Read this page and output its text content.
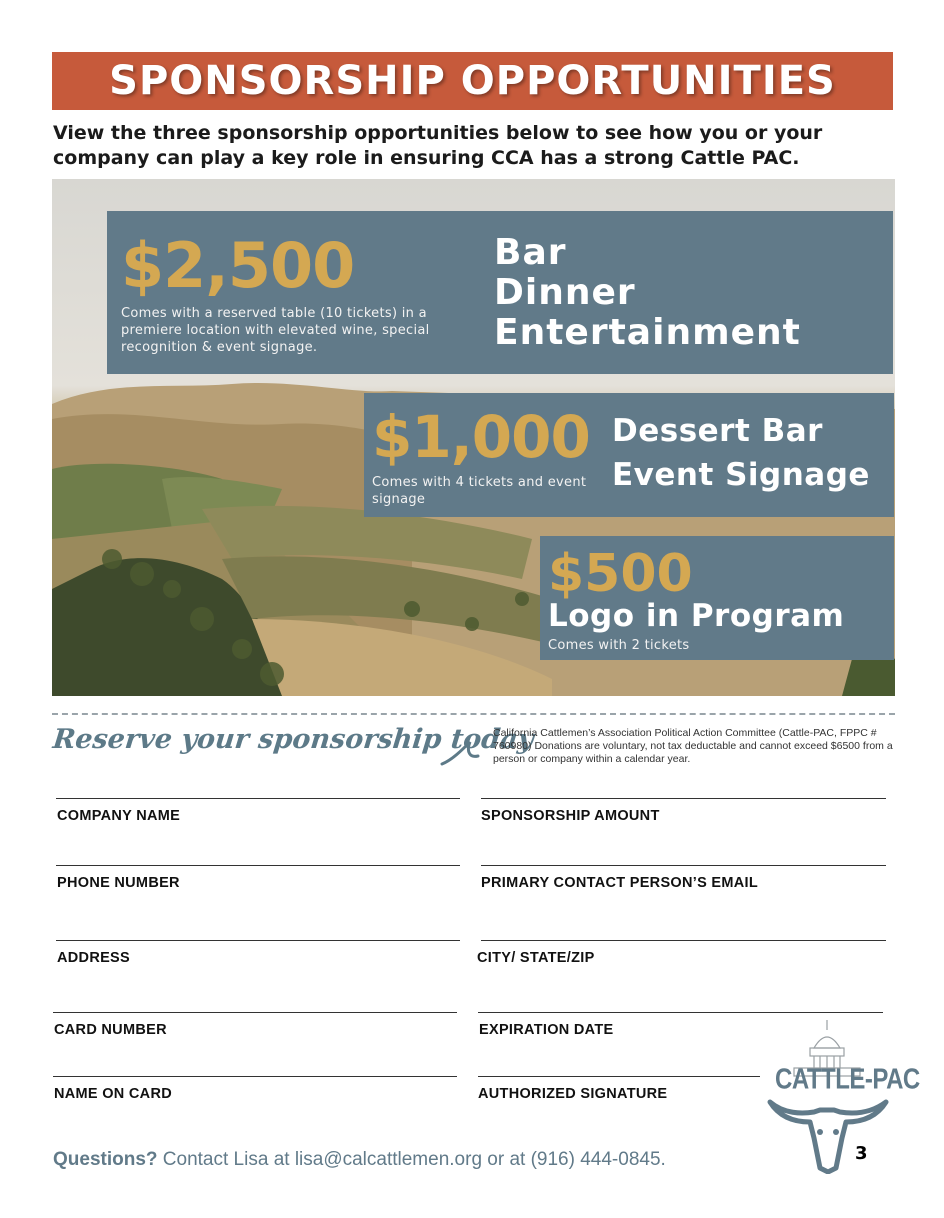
SPONSORSHIP OPPORTUNITIES

View the three sponsorship opportunities below to see how you or your company can play a key role in ensuring CCA has a strong Cattle PAC.

$2,500
Comes with a reserved table (10 tickets) in a premiere location with elevated wine, special recognition & event signage.
Bar
Dinner
Entertainment
$1,000
Comes with 4 tickets and event signage
Dessert Bar
Event Signage
$500
Logo in Program
Comes with 2 tickets
Reserve your sponsorship today

California Cattlemen’s Association Political Action Committee (Cattle-PAC, FPPC # 760980) Donations are voluntary, not tax deductable and cannot exceed $6500 from a person or company within a calendar year.

COMPANY NAME	SPONSORSHIP AMOUNT
PHONE NUMBER	PRIMARY CONTACT PERSON’S EMAIL
ADDRESS	CITY/ STATE/ZIP
CARD NUMBER	EXPIRATION DATE
NAME ON CARD	AUTHORIZED SIGNATURE	CATTLE-PAC
Questions? Contact Lisa at lisa@calcattlemen.org or at (916) 444-0845.	3
